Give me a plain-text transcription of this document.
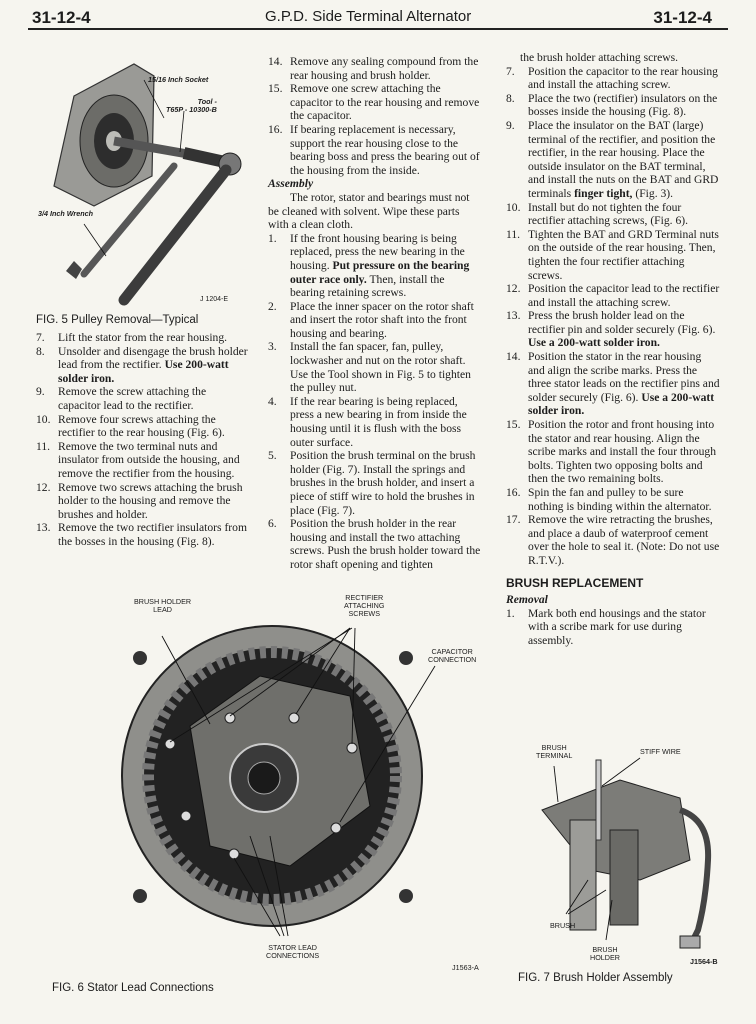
31-12-4	G.P.D. Side Terminal Alternator	31-12-4
15/16 Inch Socket
Tool -
T65P - 10300-B
3/4 Inch Wrench
J 1204-E
FIG. 5 Pulley Removal—Typical
7. Lift the stator from the rear housing.
8. Unsolder and disengage the brush holder lead from the rectifier. Use 200-watt solder iron.
9. Remove the screw attaching the capacitor lead to the rectifier.
10. Remove four screws attaching the rectifier to the rear housing (Fig. 6).
11. Remove the two terminal nuts and insulator from outside the housing, and remove the rectifier from the housing.
12. Remove two screws attaching the brush holder to the housing and remove the brushes and holder.
13. Remove the two rectifier insulators from the bosses in the housing (Fig. 8).
14. Remove any sealing compound from the rear housing and brush holder.
15. Remove one screw attaching the capacitor to the rear housing and remove the capacitor.
16. If bearing replacement is necessary, support the rear housing close to the bearing boss and press the bearing out of the housing from the inside.

Assembly

The rotor, stator and bearings must not be cleaned with solvent. Wipe these parts with a clean cloth.

1. If the front housing bearing is being replaced, press the new bearing in the housing. Put pressure on the bearing outer race only. Then, install the bearing retaining screws.
2. Place the inner spacer on the rotor shaft and insert the rotor shaft into the front housing and bearing.
3. Install the fan spacer, fan, pulley, lockwasher and nut on the rotor shaft. Use the Tool shown in Fig. 5 to tighten the pulley nut.
4. If the rear bearing is being replaced, press a new bearing in from inside the housing until it is flush with the boss outer surface.
5. Position the brush terminal on the brush holder (Fig. 7). Install the springs and brushes in the brush holder, and insert a piece of stiff wire to hold the brushes in place (Fig. 7).
6. Position the brush holder in the rear housing and install the two attaching screws. Push the brush holder toward the rotor shaft opening and tighten

the brush holder attaching screws.

7. Position the capacitor to the rear housing and install the attaching screw.
8. Place the two (rectifier) insulators on the bosses inside the housing (Fig. 8).
9. Place the insulator on the BAT (large) terminal of the rectifier, and position the rectifier, in the rear housing. Place the outside insulator on the BAT terminal, and install the nuts on the BAT and GRD terminals finger tight, (Fig. 3).
10. Install but do not tighten the four rectifier attaching screws, (Fig. 6).
11. Tighten the BAT and GRD Terminal nuts on the outside of the rear housing. Then, tighten the four rectifier attaching screws.
12. Position the capacitor lead to the rectifier and install the attaching screw.
13. Press the brush holder lead on the rectifier pin and solder securely (Fig. 6). Use a 200-watt solder iron.
14. Position the stator in the rear housing and align the scribe marks. Press the three stator leads on the rectifier pins and solder securely (Fig. 6). Use a 200-watt solder iron.
15. Position the rotor and front housing into the stator and rear housing. Align the scribe marks and install the four through bolts. Tighten two opposing bolts and then the two remaining bolts.
16. Spin the fan and pulley to be sure nothing is binding within the alternator.
17. Remove the wire retracting the brushes, and place a daub of waterproof cement over the hole to seal it. (Note: Do not use R.T.V.).

BRUSH REPLACEMENT

Removal

1. Mark both end housings and the stator with a scribe mark for use during assembly.
BRUSH HOLDER
LEAD
RECTIFIER
ATTACHING
SCREWS
CAPACITOR
CONNECTION
STATOR LEAD
CONNECTIONS
J1563-A
FIG. 6 Stator Lead Connections
BRUSH
TERMINAL	STIFF WIRE
BRUSH
BRUSH
HOLDER	J1564-B
FIG. 7 Brush Holder Assembly
